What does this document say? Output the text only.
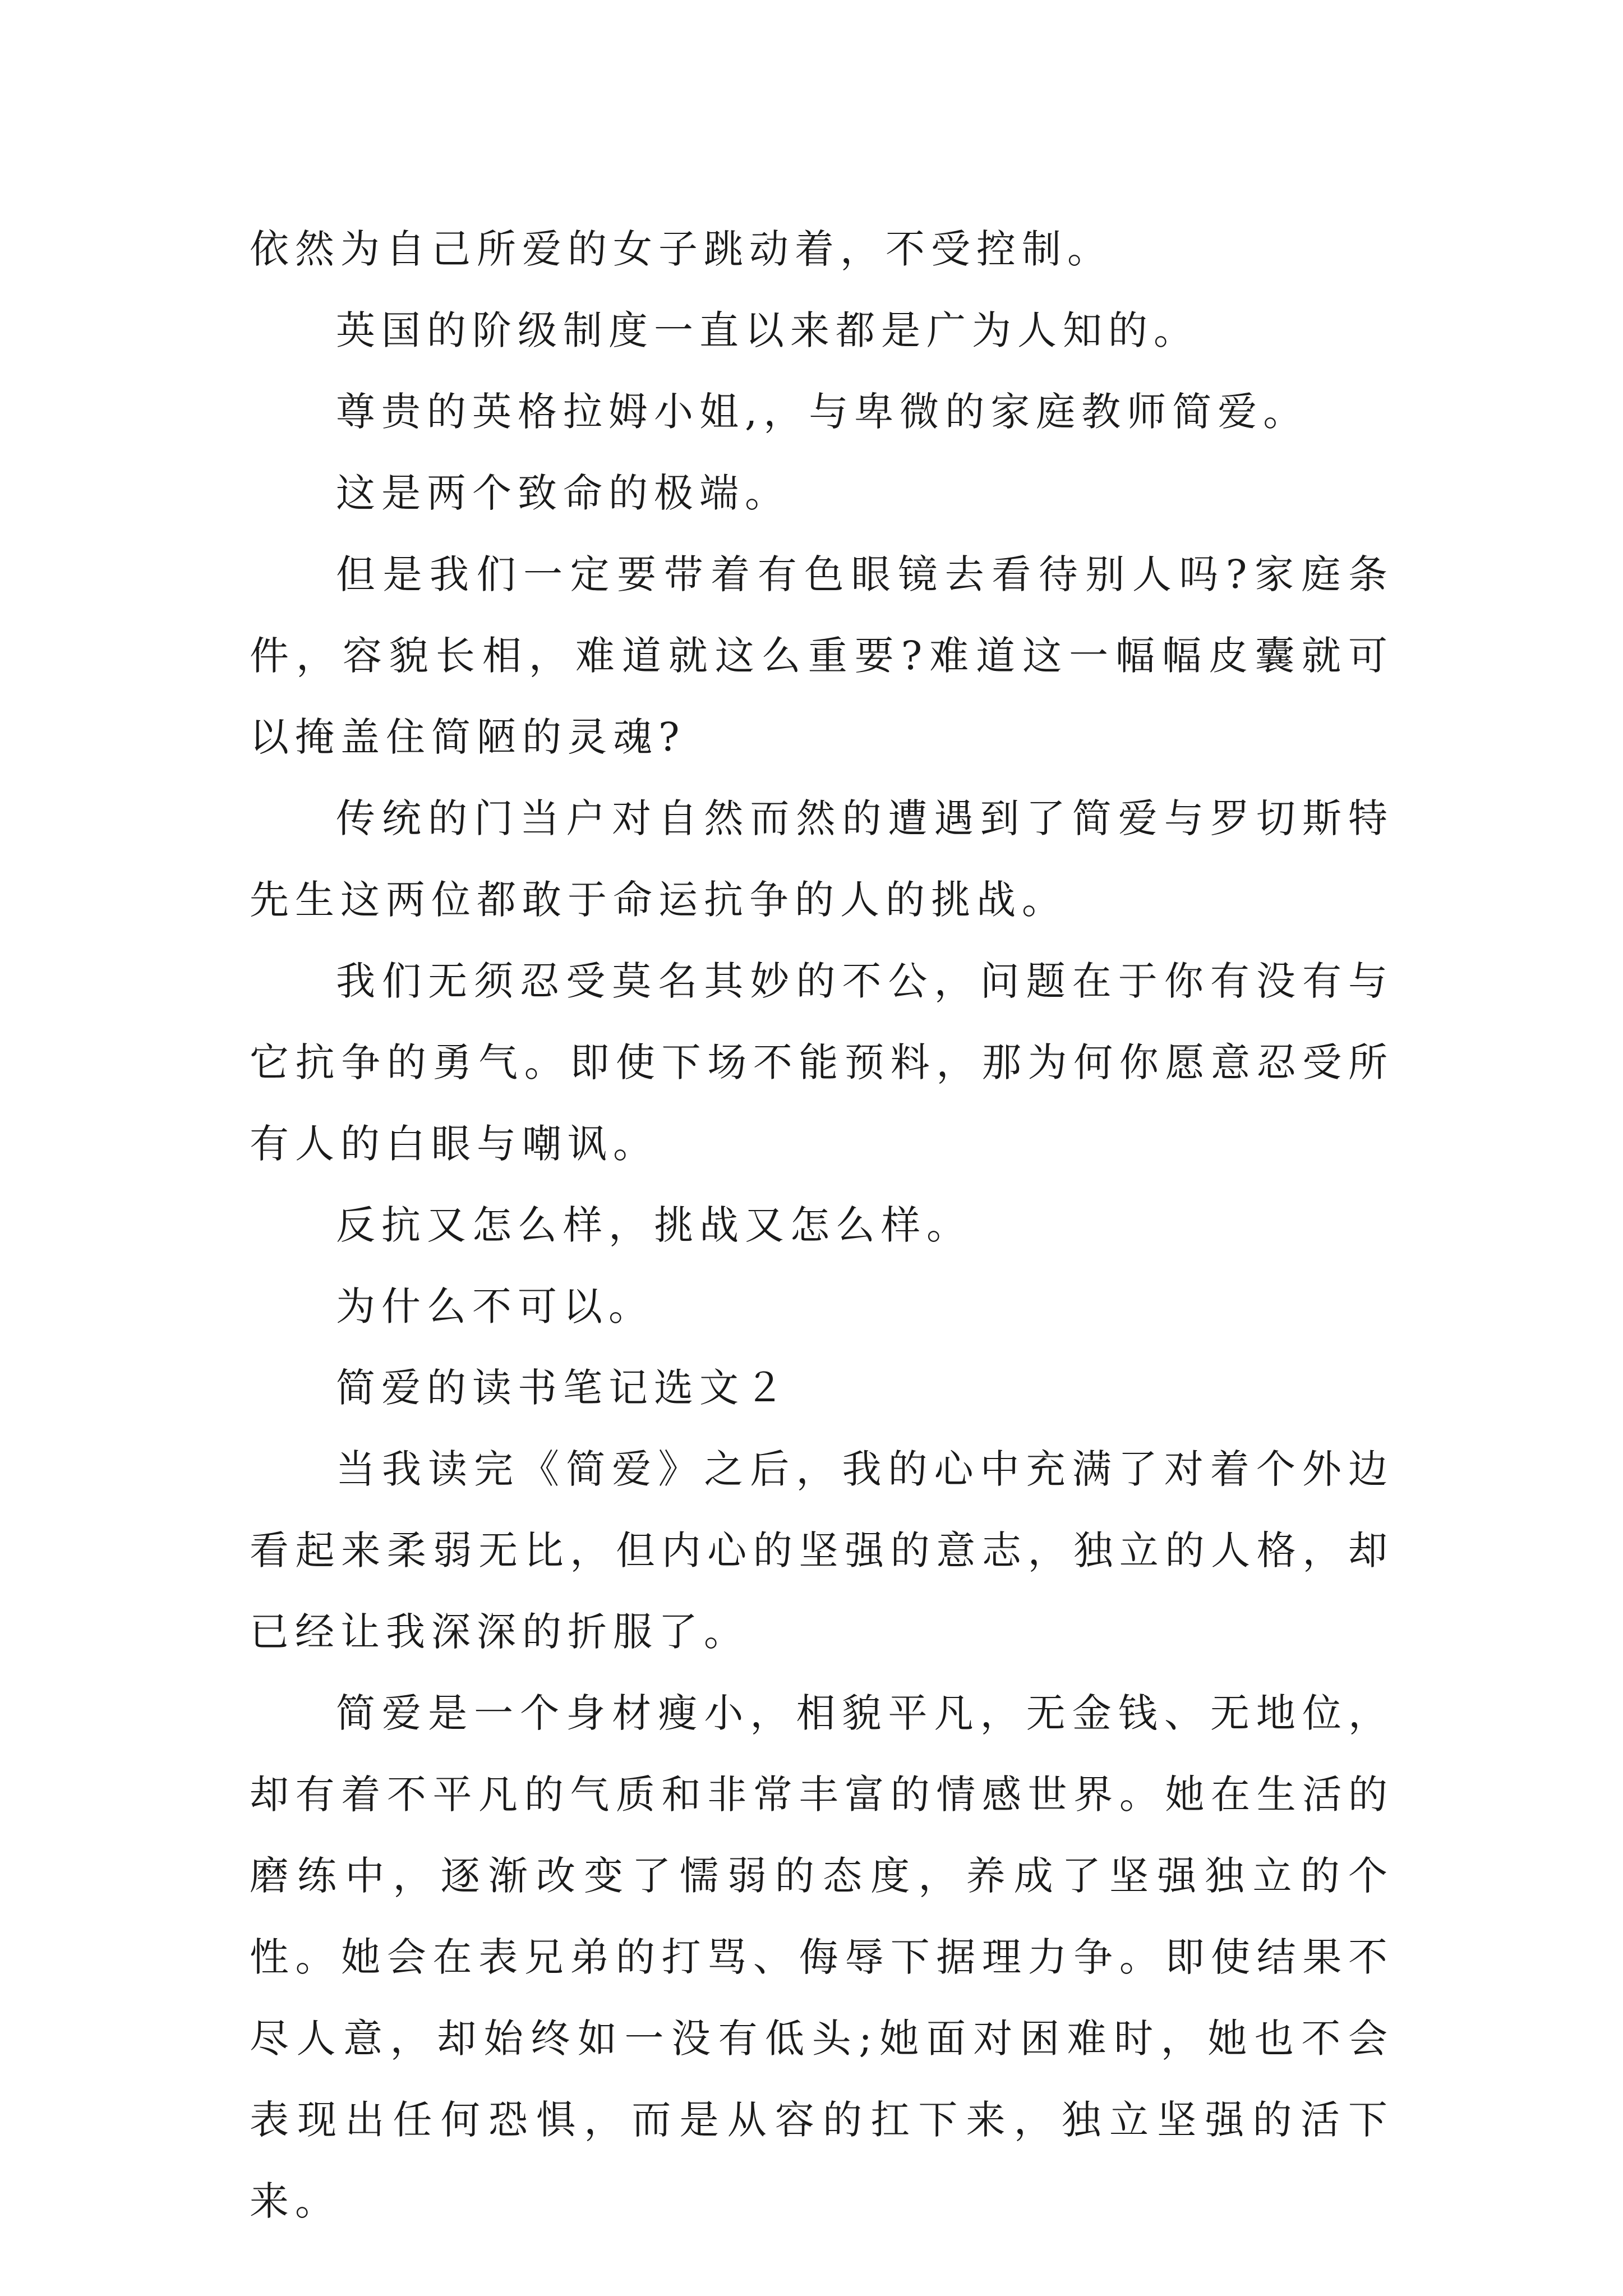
依然为自己所爱的女子跳动着，不受控制。

英国的阶级制度一直以来都是广为人知的。

尊贵的英格拉姆小姐,，与卑微的家庭教师简爱。

这是两个致命的极端。

但是我们一定要带着有色眼镜去看待别人吗?家庭条件，容貌长相，难道就这么重要?难道这一幅幅皮囊就可以掩盖住简陋的灵魂?

传统的门当户对自然而然的遭遇到了简爱与罗切斯特先生这两位都敢于命运抗争的人的挑战。

我们无须忍受莫名其妙的不公，问题在于你有没有与它抗争的勇气。即使下场不能预料，那为何你愿意忍受所有人的白眼与嘲讽。

反抗又怎么样，挑战又怎么样。

为什么不可以。

简爱的读书笔记选文２

当我读完《简爱》之后，我的心中充满了对着个外边看起来柔弱无比，但内心的坚强的意志，独立的人格，却已经让我深深的折服了。

简爱是一个身材瘦小，相貌平凡，无金钱、无地位，却有着不平凡的气质和非常丰富的情感世界。她在生活的磨练中，逐渐改变了懦弱的态度，养成了坚强独立的个性。她会在表兄弟的打骂、侮辱下据理力争。即使结果不尽人意，却始终如一没有低头;她面对困难时，她也不会表现出任何恐惧，而是从容的扛下来，独立坚强的活下来。
